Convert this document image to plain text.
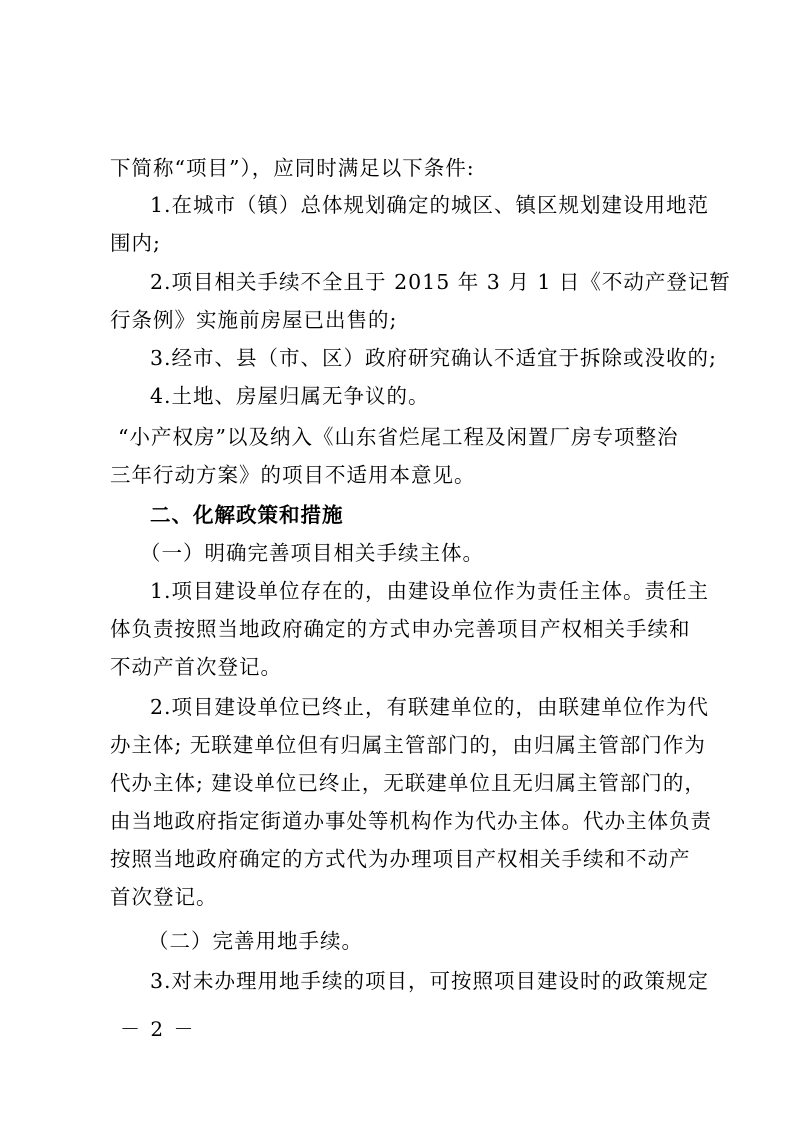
下简称“项目”），应同时满足以下条件:
1.在城市（镇）总体规划确定的城区、镇区规划建设用地范
围内;
2.项目相关手续不全且于 2015 年 3 月 1 日《不动产登记暂
行条例》实施前房屋已出售的;
3.经市、县（市、区）政府研究确认不适宜于拆除或没收的;
4.土地、房屋归属无争议的。
“小产权房”以及纳入《山东省烂尾工程及闲置厂房专项整治
三年行动方案》的项目不适用本意见。
二、化解政策和措施
（一）明确完善项目相关手续主体。
1.项目建设单位存在的，由建设单位作为责任主体。责任主
体负责按照当地政府确定的方式申办完善项目产权相关手续和
不动产首次登记。
2.项目建设单位已终止，有联建单位的，由联建单位作为代
办主体; 无联建单位但有归属主管部门的，由归属主管部门作为
代办主体; 建设单位已终止，无联建单位且无归属主管部门的，
由当地政府指定街道办事处等机构作为代办主体。代办主体负责
按照当地政府确定的方式代为办理项目产权相关手续和不动产
首次登记。
（二）完善用地手续。
3.对未办理用地手续的项目，可按照项目建设时的政策规定
－ 2 －
